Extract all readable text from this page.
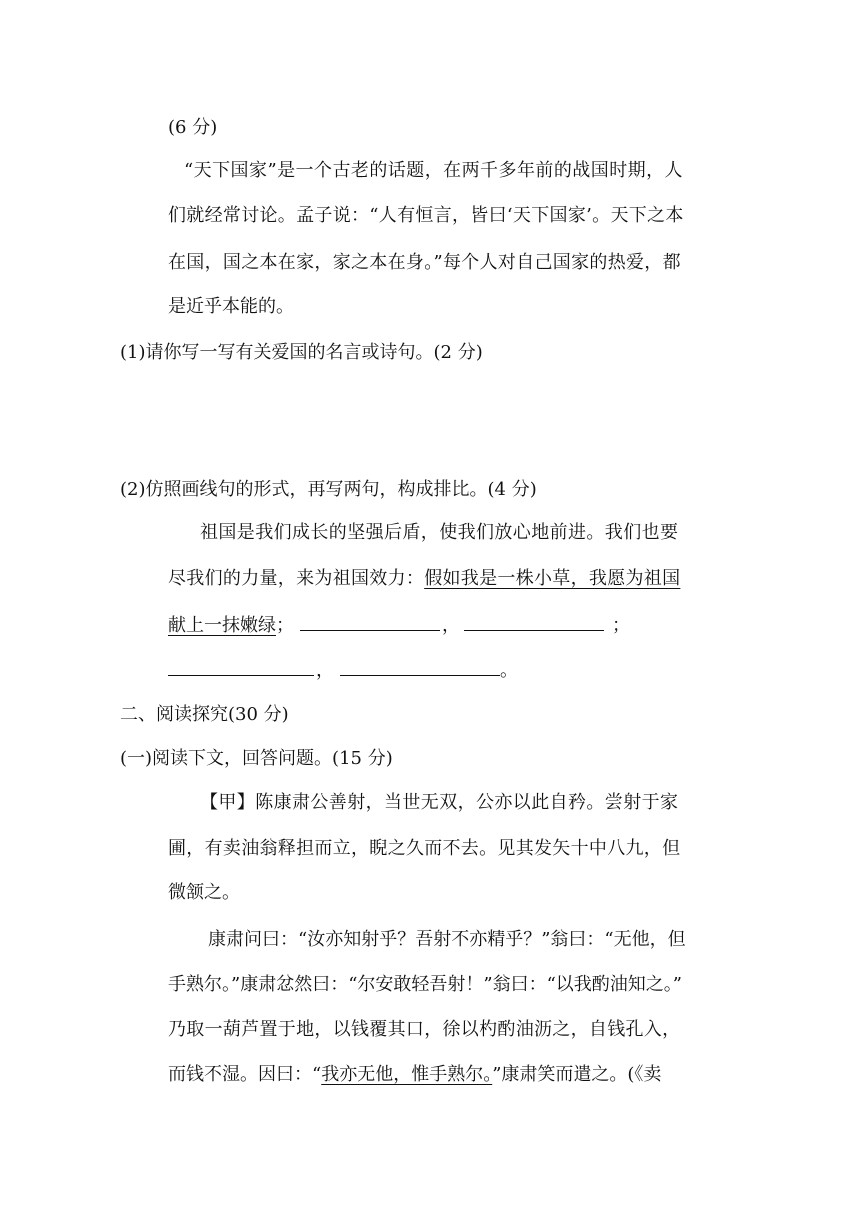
(6 分)
“天下国家”是一个古老的话题，在两千多年前的战国时期，人
们就经常讨论。孟子说：“人有恒言，皆曰‘天下国家’。天下之本
在国，国之本在家，家之本在身。”每个人对自己国家的热爱，都
是近乎本能的。
(1)请你写一写有关爱国的名言或诗句。(2 分)
(2)仿照画线句的形式，再写两句，构成排比。(4 分)
祖国是我们成长的坚强后盾，使我们放心地前进。我们也要
尽我们的力量，来为祖国效力：假如我是一株小草，我愿为祖国
献上一抹嫩绿；	，	；
，	。
二、阅读探究(30 分)
(一)阅读下文，回答问题。(15 分)
【甲】陈康肃公善射，当世无双，公亦以此自矜。尝射于家
圃，有卖油翁释担而立，睨之久而不去。见其发矢十中八九，但
微颔之。
康肃问曰：“汝亦知射乎？吾射不亦精乎？”翁曰：“无他，但
手熟尔。”康肃忿然曰：“尔安敢轻吾射！”翁曰：“以我酌油知之。”
乃取一葫芦置于地，以钱覆其口，徐以杓酌油沥之，自钱孔入，
而钱不湿。因曰：“我亦无他，惟手熟尔。”康肃笑而遣之。(《卖
